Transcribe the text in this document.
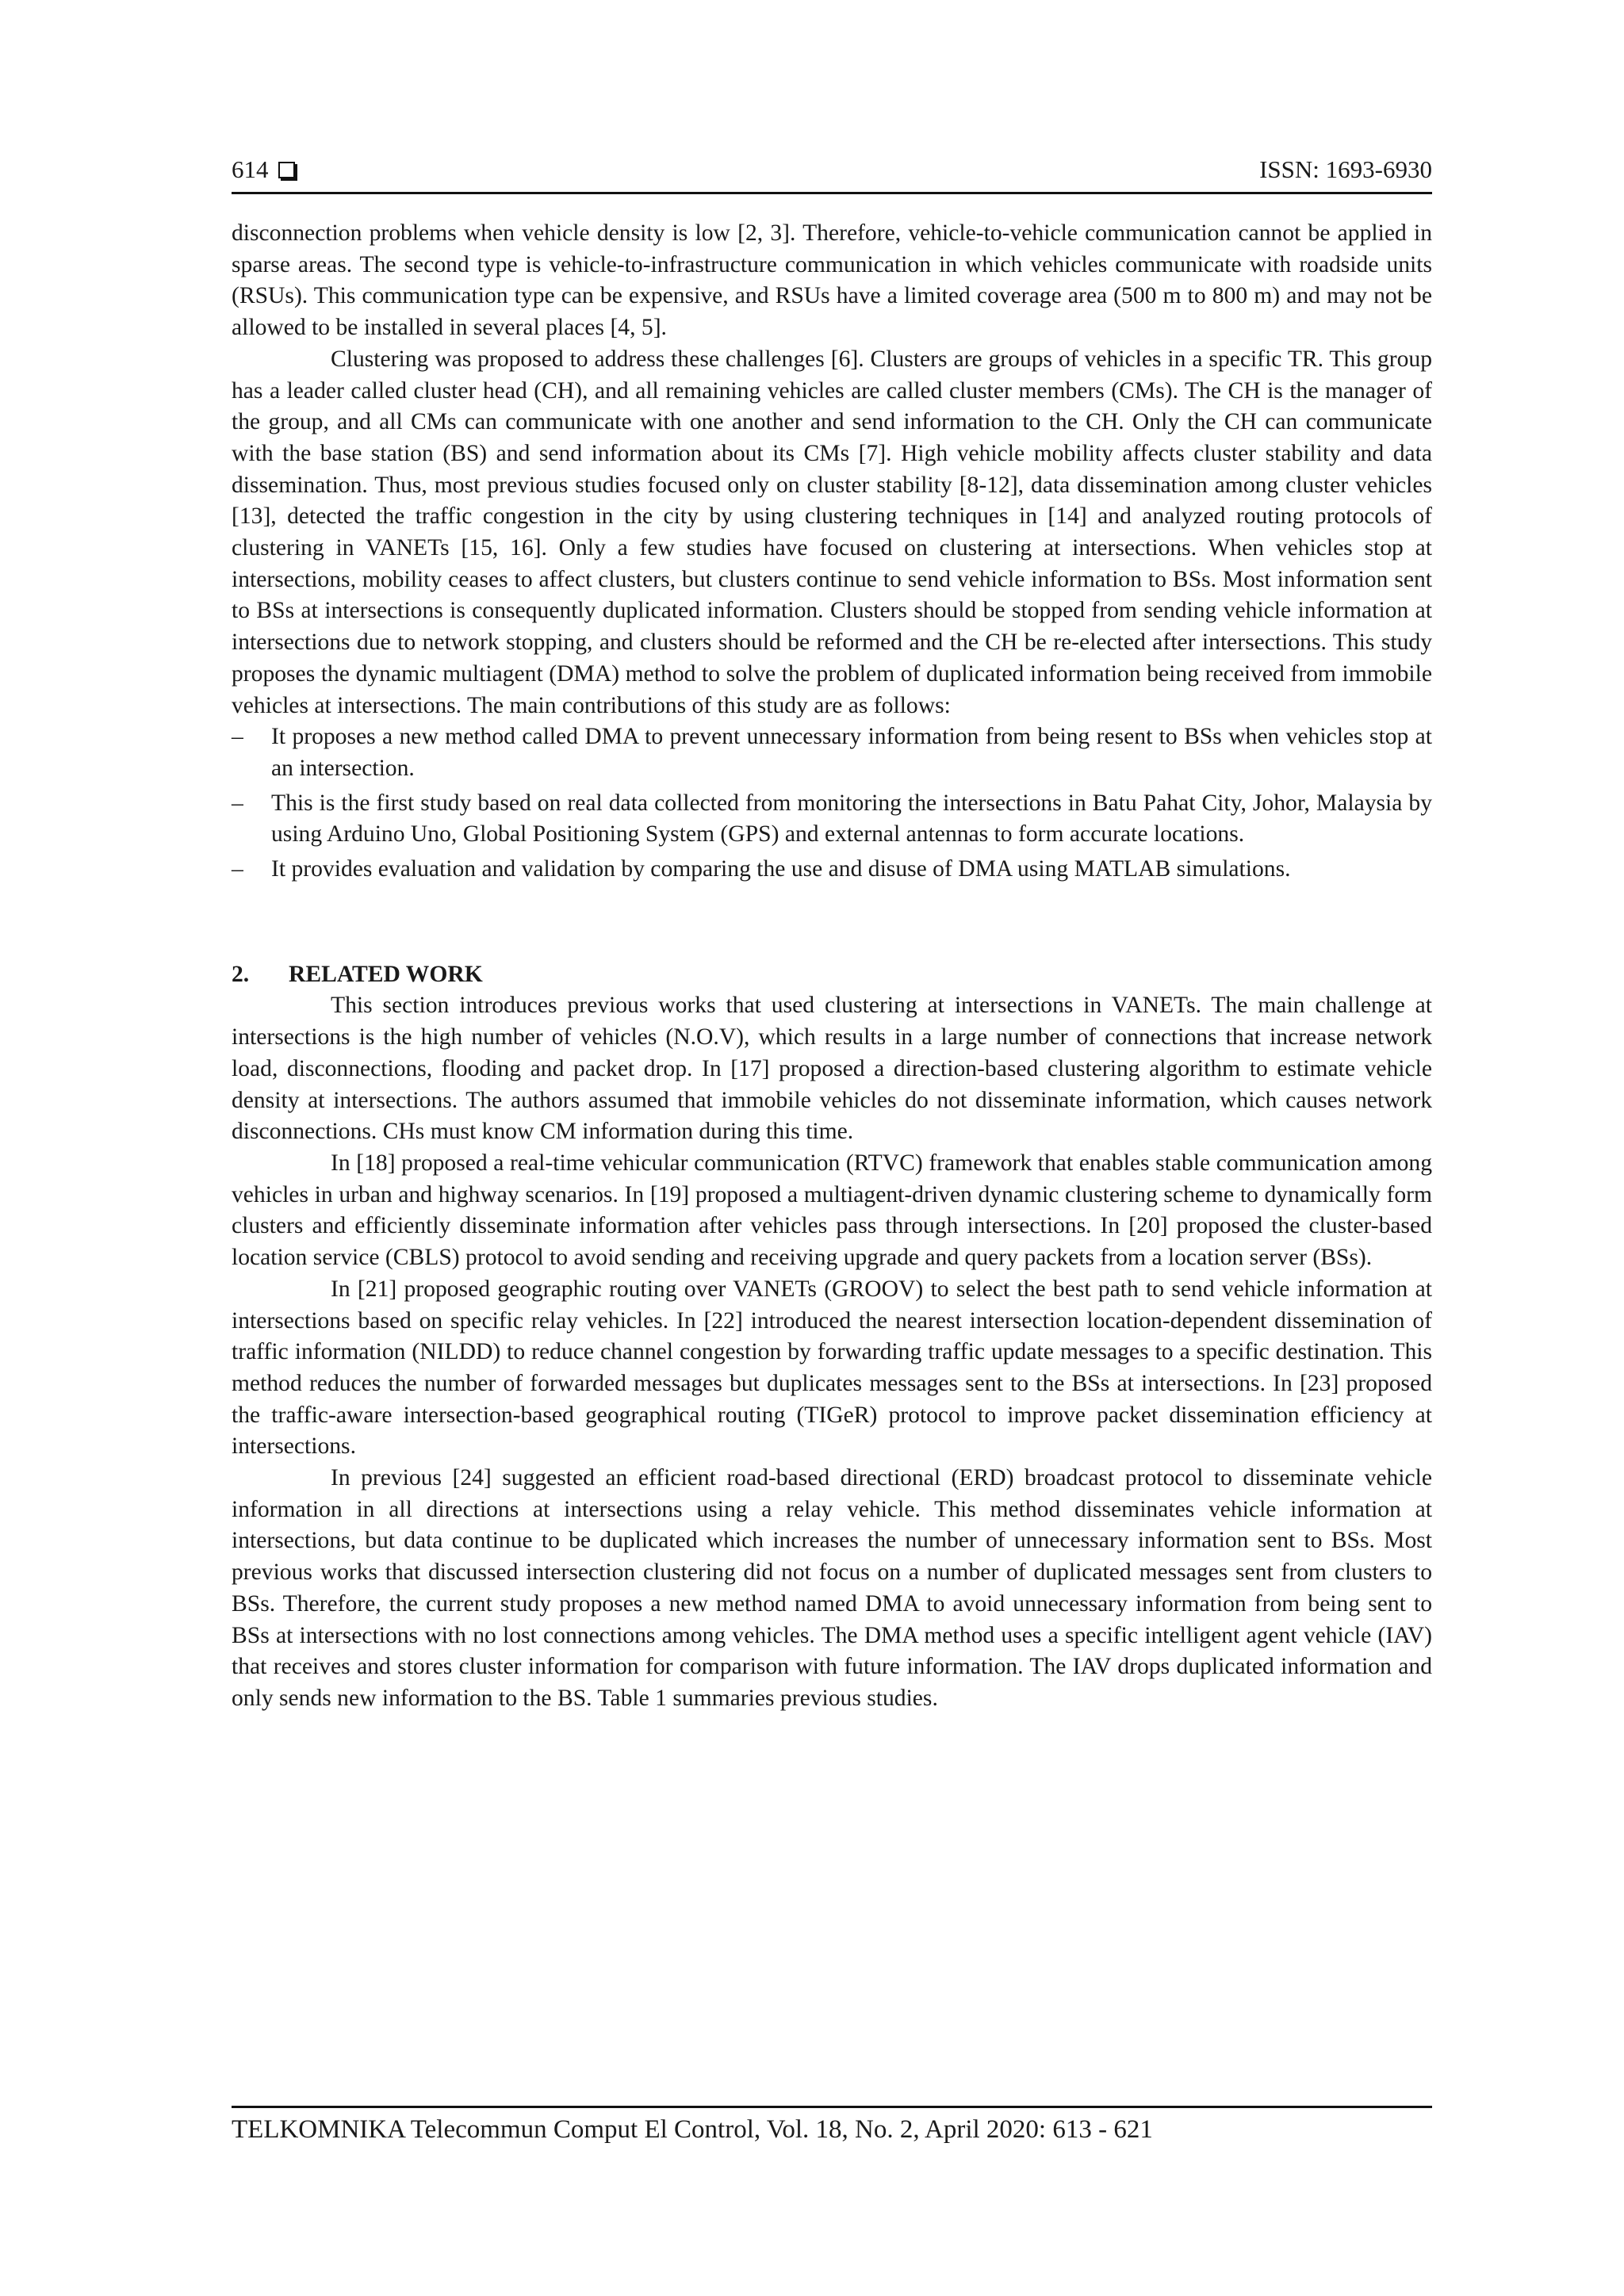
614	ISSN: 1693-6930

disconnection problems when vehicle density is low [2, 3]. Therefore, vehicle-to-vehicle communication cannot be applied in sparse areas. The second type is vehicle-to-infrastructure communication in which vehicles communicate with roadside units (RSUs). This communication type can be expensive, and RSUs have a limited coverage area (500 m to 800 m) and may not be allowed to be installed in several places [4, 5].

Clustering was proposed to address these challenges [6]. Clusters are groups of vehicles in a specific TR. This group has a leader called cluster head (CH), and all remaining vehicles are called cluster members (CMs). The CH is the manager of the group, and all CMs can communicate with one another and send information to the CH. Only the CH can communicate with the base station (BS) and send information about its CMs [7]. High vehicle mobility affects cluster stability and data dissemination. Thus, most previous studies focused only on cluster stability [8-12], data dissemination among cluster vehicles [13], detected the traffic congestion in the city by using clustering techniques in [14] and analyzed routing protocols of clustering in VANETs [15, 16]. Only a few studies have focused on clustering at intersections. When vehicles stop at intersections, mobility ceases to affect clusters, but clusters continue to send vehicle information to BSs. Most information sent to BSs at intersections is consequently duplicated information. Clusters should be stopped from sending vehicle information at intersections due to network stopping, and clusters should be reformed and the CH be re-elected after intersections. This study proposes the dynamic multiagent (DMA) method to solve the problem of duplicated information being received from immobile vehicles at intersections. The main contributions of this study are as follows:

–	It proposes a new method called DMA to prevent unnecessary information from being resent to BSs when vehicles stop at an intersection.
–	This is the first study based on real data collected from monitoring the intersections in Batu Pahat City, Johor, Malaysia by using Arduino Uno, Global Positioning System (GPS) and external antennas to form accurate locations.
–	It provides evaluation and validation by comparing the use and disuse of DMA using MATLAB simulations.
2.	RELATED WORK

This section introduces previous works that used clustering at intersections in VANETs. The main challenge at intersections is the high number of vehicles (N.O.V), which results in a large number of connections that increase network load, disconnections, flooding and packet drop. In [17] proposed a direction-based clustering algorithm to estimate vehicle density at intersections. The authors assumed that immobile vehicles do not disseminate information, which causes network disconnections. CHs must know CM information during this time.

In [18] proposed a real-time vehicular communication (RTVC) framework that enables stable communication among vehicles in urban and highway scenarios. In [19] proposed a multiagent-driven dynamic clustering scheme to dynamically form clusters and efficiently disseminate information after vehicles pass through intersections. In [20] proposed the cluster-based location service (CBLS) protocol to avoid sending and receiving upgrade and query packets from a location server (BSs).

In [21] proposed geographic routing over VANETs (GROOV) to select the best path to send vehicle information at intersections based on specific relay vehicles. In [22] introduced the nearest intersection location-dependent dissemination of traffic information (NILDD) to reduce channel congestion by forwarding traffic update messages to a specific destination. This method reduces the number of forwarded messages but duplicates messages sent to the BSs at intersections. In [23] proposed the traffic-aware intersection-based geographical routing (TIGeR) protocol to improve packet dissemination efficiency at intersections.

In previous [24] suggested an efficient road-based directional (ERD) broadcast protocol to disseminate vehicle information in all directions at intersections using a relay vehicle. This method disseminates vehicle information at intersections, but data continue to be duplicated which increases the number of unnecessary information sent to BSs. Most previous works that discussed intersection clustering did not focus on a number of duplicated messages sent from clusters to BSs. Therefore, the current study proposes a new method named DMA to avoid unnecessary information from being sent to BSs at intersections with no lost connections among vehicles. The DMA method uses a specific intelligent agent vehicle (IAV) that receives and stores cluster information for comparison with future information. The IAV drops duplicated information and only sends new information to the BS. Table 1 summaries previous studies.

TELKOMNIKA Telecommun Comput El Control, Vol. 18, No. 2, April 2020: 613 - 621
